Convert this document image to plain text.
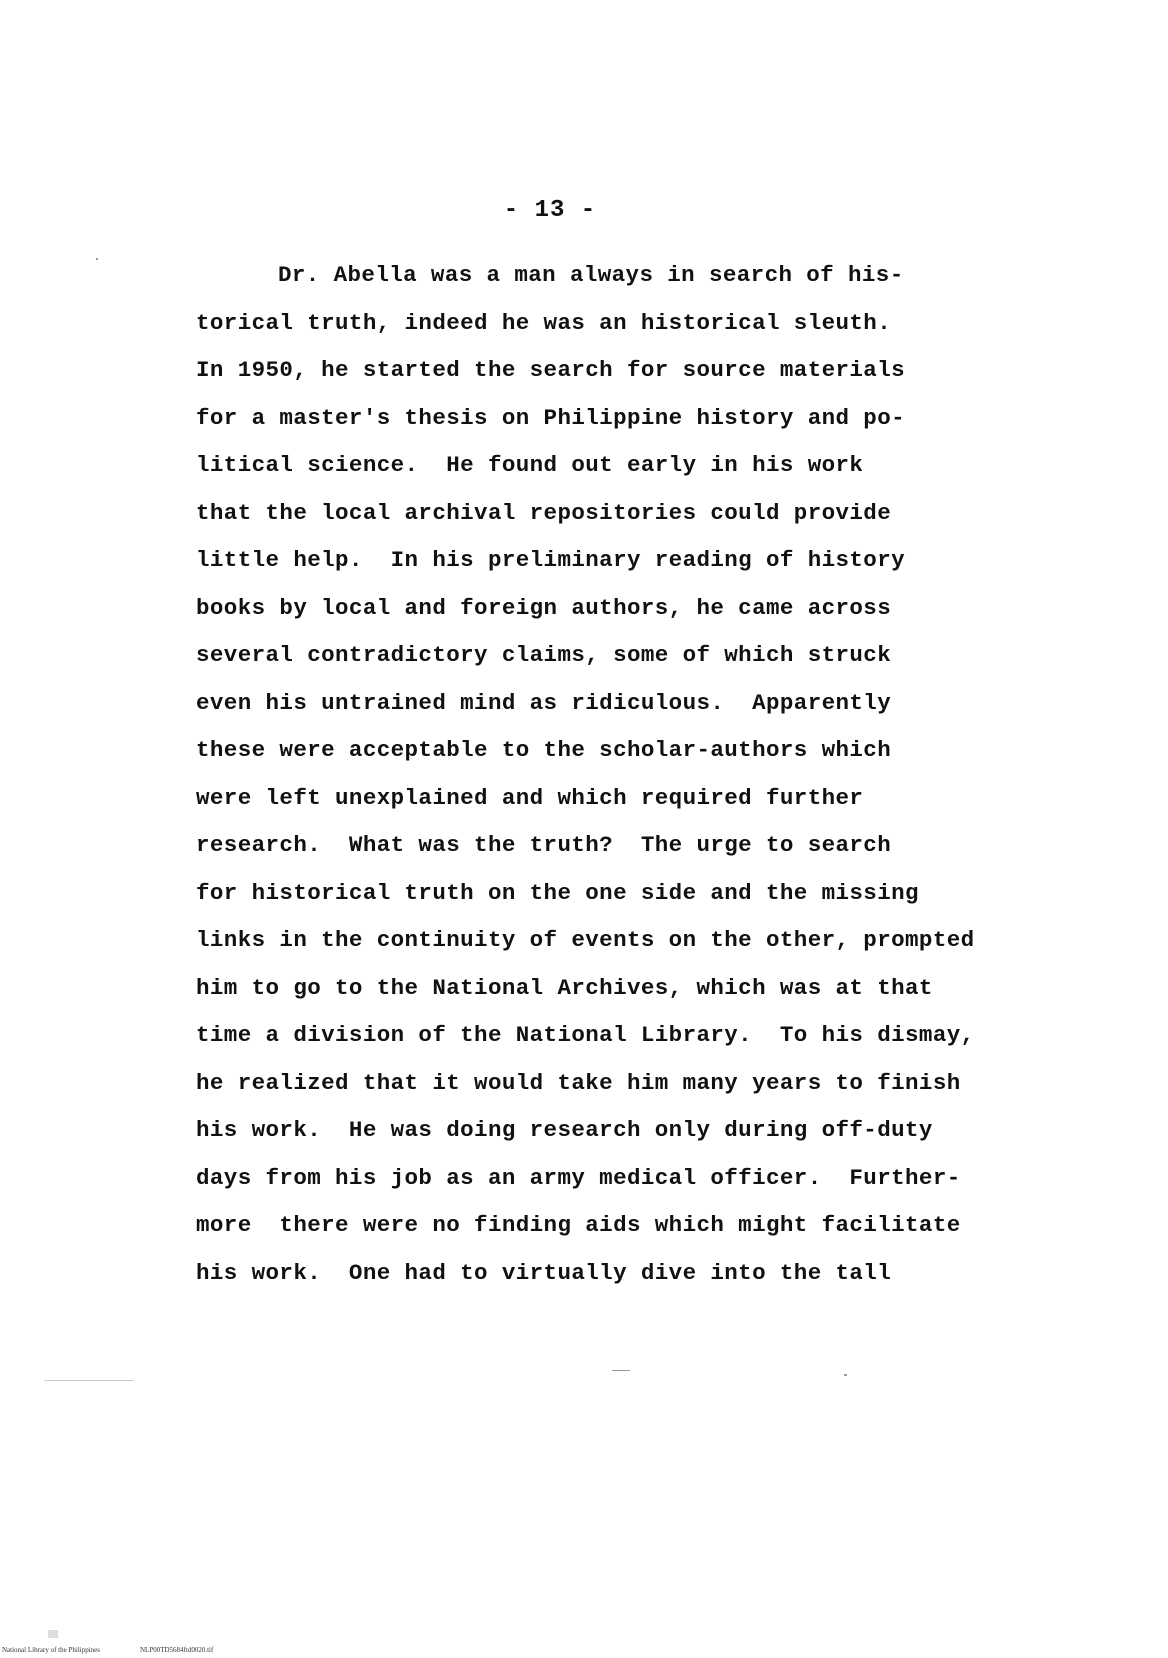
- 13 -
Dr. Abella was a man always in search of his-
torical truth, indeed he was an historical sleuth.
In 1950, he started the search for source materials
for a master's thesis on Philippine history and po-
litical science.  He found out early in his work
that the local archival repositories could provide
little help.  In his preliminary reading of history
books by local and foreign authors, he came across
several contradictory claims, some of which struck
even his untrained mind as ridiculous.  Apparently
these were acceptable to the scholar-authors which
were left unexplained and which required further
research.  What was the truth?  The urge to search
for historical truth on the one side and the missing
links in the continuity of events on the other, prompted
him to go to the National Archives, which was at that
time a division of the National Library.  To his dismay,
he realized that it would take him many years to finish
his work.  He was doing research only during off-duty
days from his job as an army medical officer.  Further-
more  there were no finding aids which might facilitate
his work.  One had to virtually dive into the tall
National Library of the Philippines	NLP00TD5684ftd0020.tif
